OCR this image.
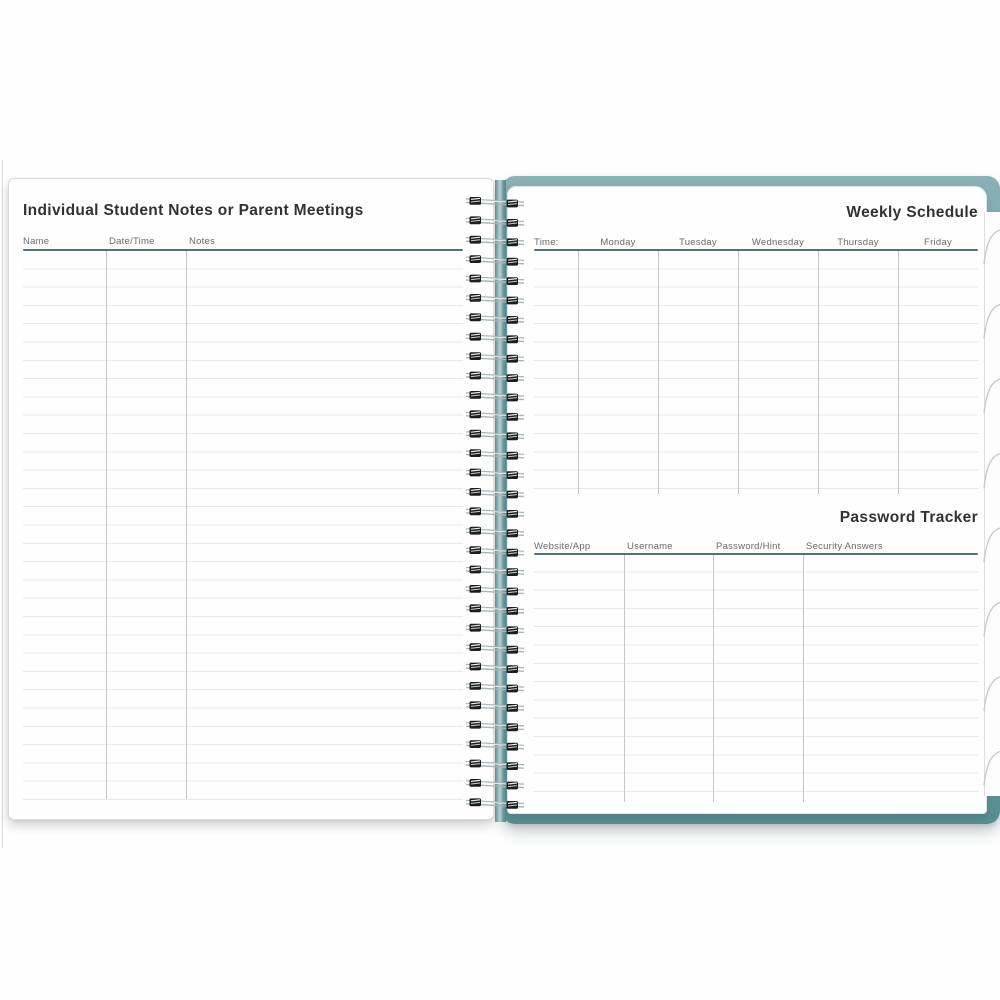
Individual Student Notes or Parent Meetings
Name	Date/Time	Notes
Weekly Schedule
Time:	Monday	Tuesday	Wednesday	Thursday	Friday
Password Tracker
Website/App	Username	Password/Hint	Security Answers
